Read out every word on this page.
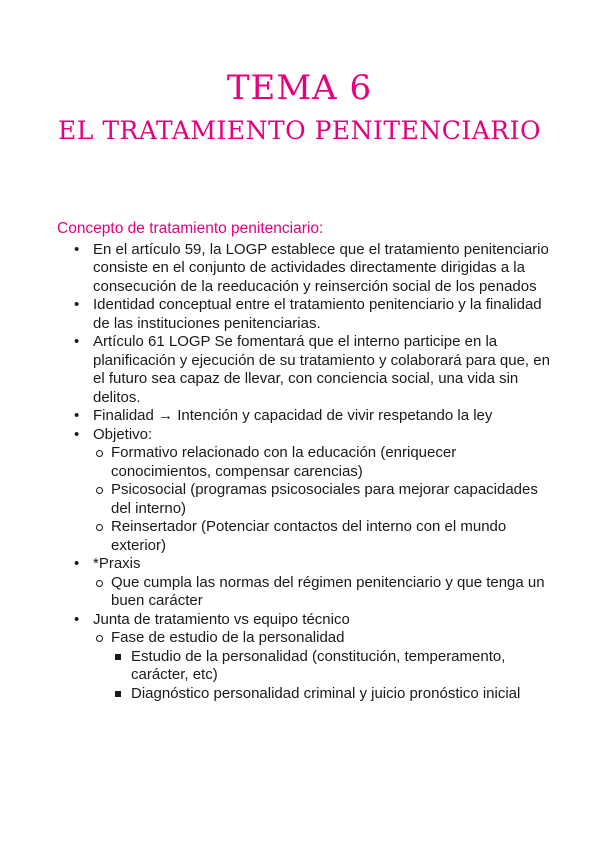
TEMA 6
EL TRATAMIENTO PENITENCIARIO
Concepto de tratamiento penitenciario:
• En el artículo 59, la LOGP establece que el tratamiento penitenciario consiste en el conjunto de actividades directamente dirigidas a la consecución de la reeducación y reinserción social de los penados
• Identidad conceptual entre el tratamiento penitenciario y la finalidad de las instituciones penitenciarias.
• Artículo 61 LOGP Se fomentará que el interno participe en la planificación y ejecución de su tratamiento y colaborará para que, en el futuro sea capaz de llevar, con conciencia social, una vida sin delitos.
• Finalidad → Intención y capacidad de vivir respetando la ley
• Objetivo:
Formativo relacionado con la educación (enriquecer conocimientos, compensar carencias)
Psicosocial (programas psicosociales para mejorar capacidades del interno)
Reinsertador (Potenciar contactos del interno con el mundo exterior)
• *Praxis
Que cumpla las normas del régimen penitenciario y que tenga un buen carácter
• Junta de tratamiento vs equipo técnico
Fase de estudio de la personalidad
Estudio de la personalidad (constitución, temperamento, carácter, etc)
Diagnóstico personalidad criminal y juicio pronóstico inicial
